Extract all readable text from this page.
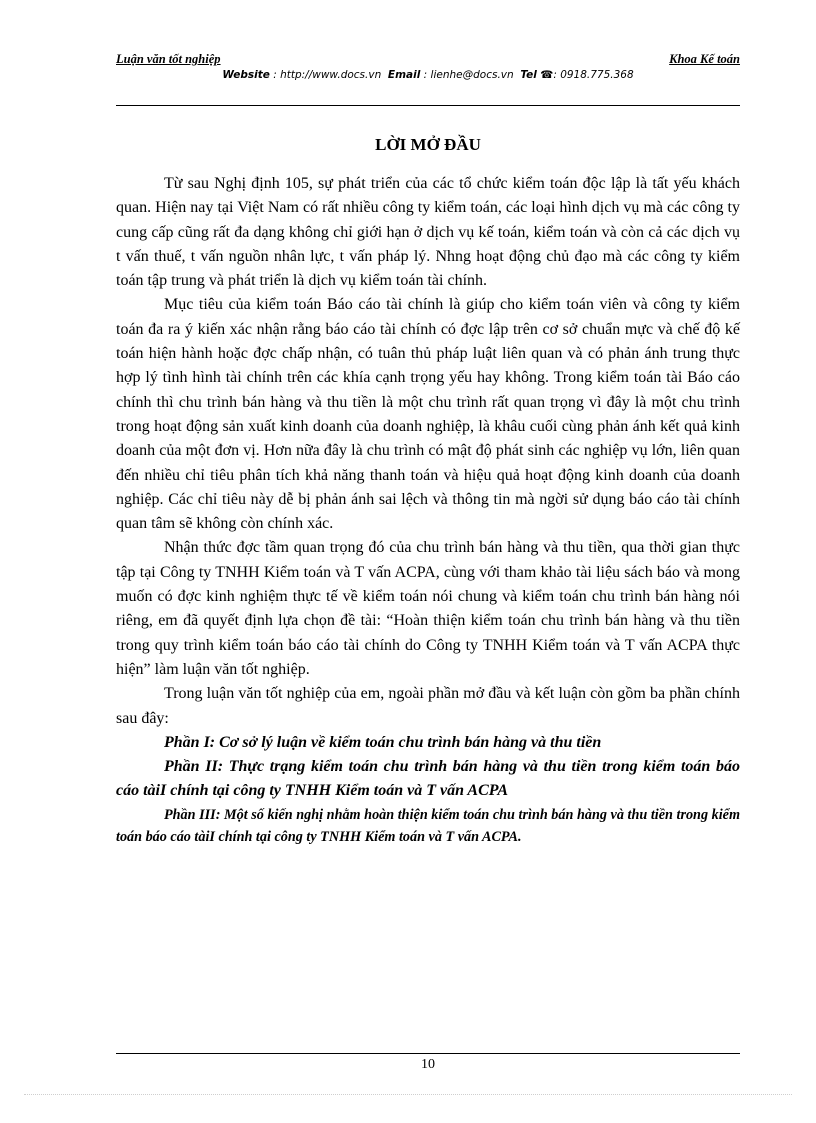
Luận văn tốt nghiệp	Khoa Kế toán
Website : http://www.docs.vn Email : lienhe@docs.vn Tel ☎: 0918.775.368
LỜI MỞ ĐẦU

Từ sau Nghị định 105, sự phát triển của các tổ chức kiểm toán độc lập là tất yếu khách quan. Hiện nay tại Việt Nam có rất nhiều công ty kiểm toán, các loại hình dịch vụ mà các công ty cung cấp cũng rất đa dạng không chỉ giới hạn ở dịch vụ kế toán, kiểm toán và còn cả các dịch vụ t vấn thuế, t vấn nguồn nhân lực, t vấn pháp lý. Nhng hoạt động chủ đạo mà các công ty kiểm toán tập trung và phát triển là dịch vụ kiểm toán tài chính.

Mục tiêu của kiểm toán Báo cáo tài chính là giúp cho kiểm toán viên và công ty kiểm toán đa ra ý kiến xác nhận rằng báo cáo tài chính có đợc lập trên cơ sở chuẩn mực và chế độ kế toán hiện hành hoặc đợc chấp nhận, có tuân thủ pháp luật liên quan và có phản ánh trung thực hợp lý tình hình tài chính trên các khía cạnh trọng yếu hay không. Trong kiểm toán tài Báo cáo chính thì chu trình bán hàng và thu tiền là một chu trình rất quan trọng vì đây là một chu trình trong hoạt động sản xuất kinh doanh của doanh nghiệp, là khâu cuối cùng phản ánh kết quả kinh doanh của một đơn vị. Hơn nữa đây là chu trình có mật độ phát sinh các nghiệp vụ lớn, liên quan đến nhiều chỉ tiêu phân tích khả năng thanh toán và hiệu quả hoạt động kinh doanh của doanh nghiệp. Các chỉ tiêu này dễ bị phản ánh sai lệch và thông tin mà ngời sử dụng báo cáo tài chính quan tâm sẽ không còn chính xác.

Nhận thức đợc tầm quan trọng đó của chu trình bán hàng và thu tiền, qua thời gian thực tập tại Công ty TNHH Kiểm toán và T vấn ACPA, cùng với tham khảo tài liệu sách báo và mong muốn có đợc kinh nghiệm thực tế về kiểm toán nói chung và kiểm toán chu trình bán hàng nói riêng, em đã quyết định lựa chọn đề tài: “Hoàn thiện kiểm toán chu trình bán hàng và thu tiền trong quy trình kiểm toán báo cáo tài chính do Công ty TNHH Kiểm toán và T vấn ACPA thực hiện” làm luận văn tốt nghiệp.

Trong luận văn tốt nghiệp của em, ngoài phần mở đầu và kết luận còn gồm ba phần chính sau đây:

Phần I: Cơ sở lý luận về kiểm toán chu trình bán hàng và thu tiền

Phần II: Thực trạng kiểm toán chu trình bán hàng và thu tiền trong kiểm toán báo cáo tàiI chính tại công ty TNHH Kiểm toán và T vấn ACPA

Phần III: Một số kiến nghị nhằm hoàn thiện kiểm toán chu trình bán hàng và thu tiền trong kiểm toán báo cáo tàiI chính tại công ty TNHH Kiểm toán và T vấn ACPA.

10
